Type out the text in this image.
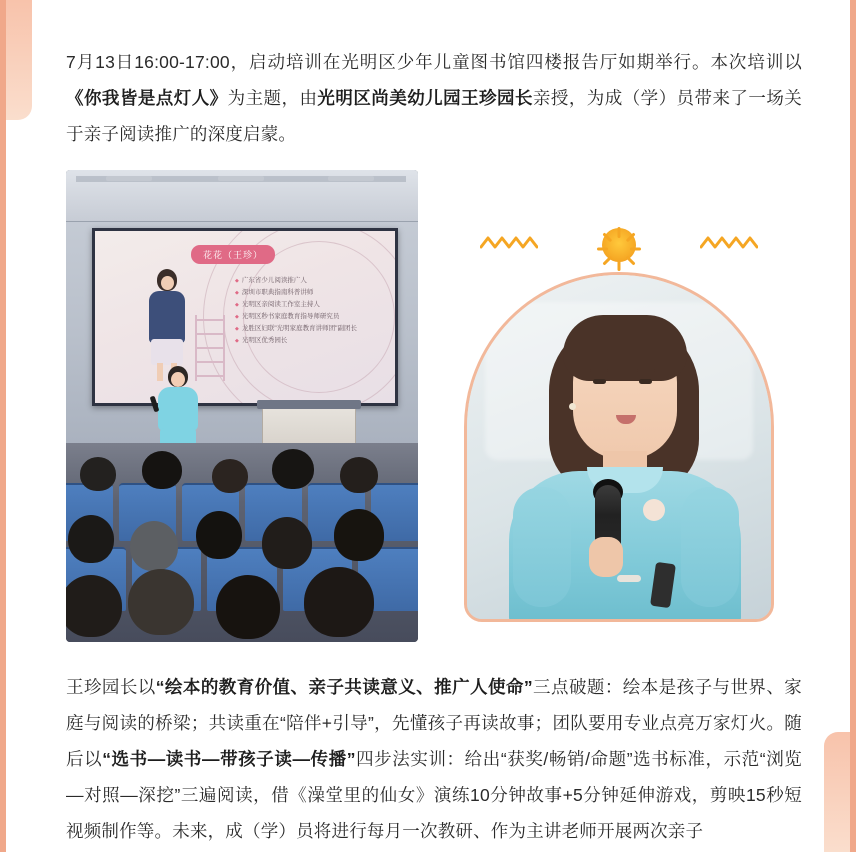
7月13日16:00-17:00，启动培训在光明区少年儿童图书馆四楼报告厅如期举行。本次培训以《你我皆是点灯人》为主题，由光明区尚美幼儿园王珍园长亲授，为成（学）员带来了一场关于亲子阅读推广的深度启蒙。

花花（王珍）
◆ 广东省少儿阅读推广人
◆ 深圳市职典指南科普讲师
◆ 光明区亲阅读工作室主持人
◆ 光明区秒书家庭教育指导师研究员
◆ 龙胜区妇联"光明家庭教育讲师团"副团长
◆ 光明区优秀园长

王珍园长以“绘本的教育价值、亲子共读意义、推广人使命”三点破题：绘本是孩子与世界、家庭与阅读的桥梁；共读重在“陪伴+引导”，先懂孩子再读故事；团队要用专业点亮万家灯火。随后以“选书—读书—带孩子读—传播”四步法实训：给出“获奖/畅销/命题”选书标准，示范“浏览—对照—深挖”三遍阅读，借《澡堂里的仙女》演练10分钟故事+5分钟延伸游戏，剪映15秒短视频制作等。未来，成（学）员将进行每月一次教研、作为主讲老师开展两次亲子
